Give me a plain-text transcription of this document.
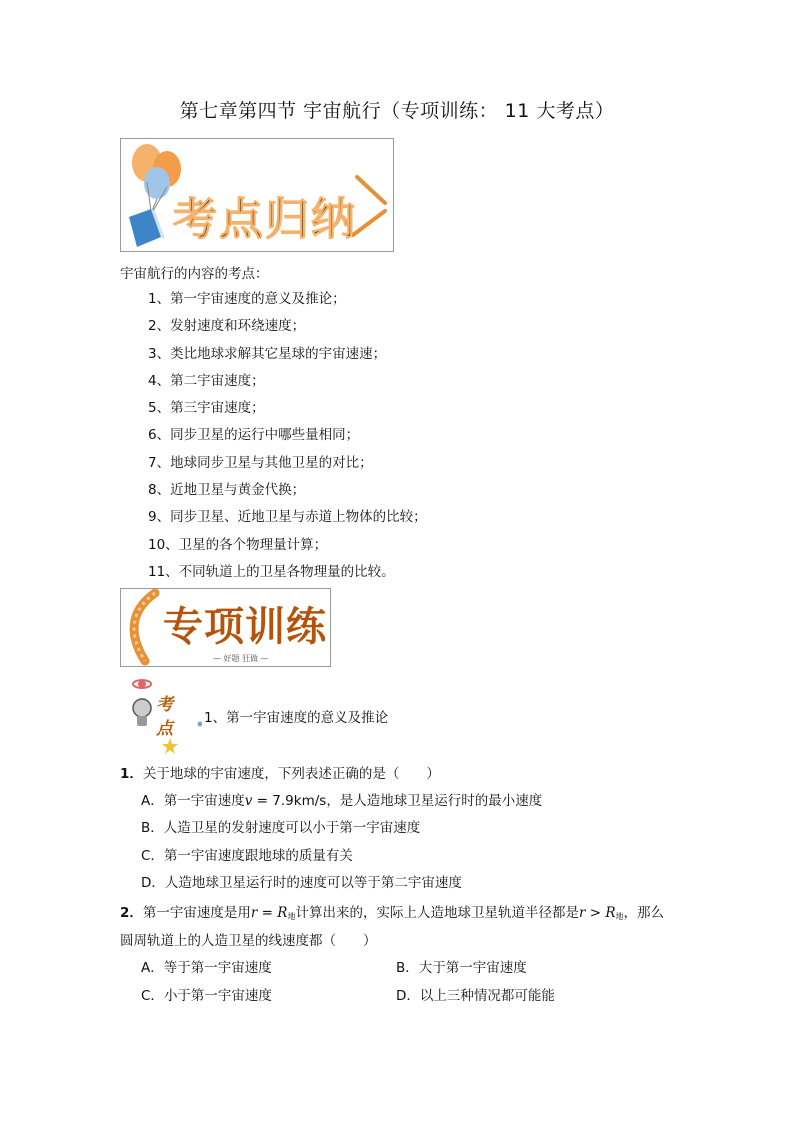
第七章第四节 宇宙航行（专项训练： 11 大考点）
考点归纳
宇宙航行的内容的考点：
1、第一宇宙速度的意义及推论；
2、发射速度和环绕速度；
3、类比地球求解其它星球的宇宙速速；
4、第二宇宙速度；
5、第三宇宙速度；
6、同步卫星的运行中哪些量相同；
7、地球同步卫星与其他卫星的对比；
8、近地卫星与黄金代换；
9、同步卫星、近地卫星与赤道上物体的比较；
10、卫星的各个物理量计算；
11、不同轨道上的卫星各物理量的比较。
专项训练
— 好题 狂做 —
考
点
1、第一宇宙速度的意义及推论
1．关于地球的宇宙速度，下列表述正确的是（　　）
A．第一宇宙速度v = 7.9km/s，是人造地球卫星运行时的最小速度
B．人造卫星的发射速度可以小于第一宇宙速度
C．第一宇宙速度跟地球的质量有关
D．人造地球卫星运行时的速度可以等于第二宇宙速度
2．第一宇宙速度是用$r = R_地$计算出来的，实际上人造地球卫星轨道半径都是$r > R_地$，那么
圆周轨道上的人造卫星的线速度都（　　）
A．等于第一宇宙速度	B．大于第一宇宙速度
C．小于第一宇宙速度	D．以上三种情况都可能能
